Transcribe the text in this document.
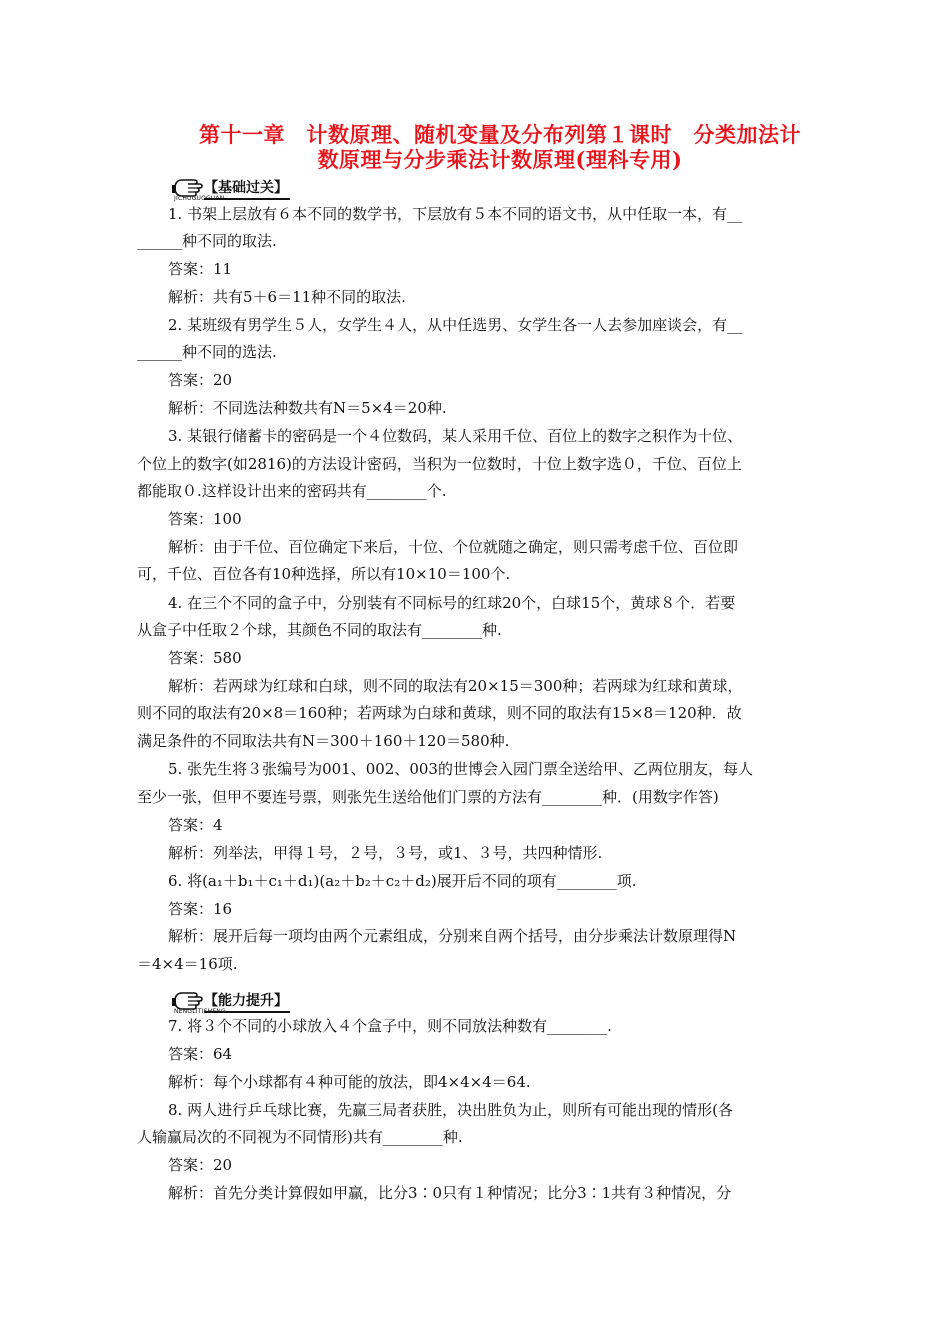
第十一章　计数原理、随机变量及分布列第１课时　分类加法计
数原理与分步乘法计数原理(理科专用)
【基础过关】
JICHUGUOGUAN
【能力提升】
NENGLITISHENG
1. 书架上层放有６本不同的数学书，下层放有５本不同的语文书，从中任取一本，有__
______种不同的取法.
答案：11
解析：共有5＋6＝11种不同的取法.
2. 某班级有男学生５人，女学生４人，从中任选男、女学生各一人去参加座谈会，有__
______种不同的选法.
答案：20
解析：不同选法种数共有N＝5×4＝20种.
3. 某银行储蓄卡的密码是一个４位数码，某人采用千位、百位上的数字之积作为十位、
个位上的数字(如2816)的方法设计密码，当积为一位数时，十位上数字选０，千位、百位上
都能取０.这样设计出来的密码共有________个.
答案：100
解析：由于千位、百位确定下来后，十位、个位就随之确定，则只需考虑千位、百位即
可，千位、百位各有10种选择，所以有10×10＝100个.
4. 在三个不同的盒子中，分别装有不同标号的红球20个，白球15个，黄球８个．若要
从盒子中任取２个球，其颜色不同的取法有________种.
答案：580
解析：若两球为红球和白球，则不同的取法有20×15＝300种；若两球为红球和黄球，
则不同的取法有20×8＝160种；若两球为白球和黄球，则不同的取法有15×8＝120种．故
满足条件的不同取法共有N＝300＋160＋120＝580种.
5. 张先生将３张编号为001、002、003的世博会入园门票全送给甲、乙两位朋友，每人
至少一张，但甲不要连号票，则张先生送给他们门票的方法有________种．(用数字作答)
答案：4
解析：列举法，甲得１号，２号，３号，或1、３号，共四种情形.
6. 将(a₁＋b₁＋c₁＋d₁)(a₂＋b₂＋c₂＋d₂)展开后不同的项有________项.
答案：16
解析：展开后每一项均由两个元素组成，分别来自两个括号，由分步乘法计数原理得N
＝4×4＝16项.
7. 将３个不同的小球放入４个盒子中，则不同放法种数有________.
答案：64
解析：每个小球都有４种可能的放法，即4×4×4＝64.
8. 两人进行乒乓球比赛，先赢三局者获胜，决出胜负为止，则所有可能出现的情形(各
人输赢局次的不同视为不同情形)共有________种.
答案：20
解析：首先分类计算假如甲赢，比分3∶0只有１种情况；比分3∶1共有３种情况，分
